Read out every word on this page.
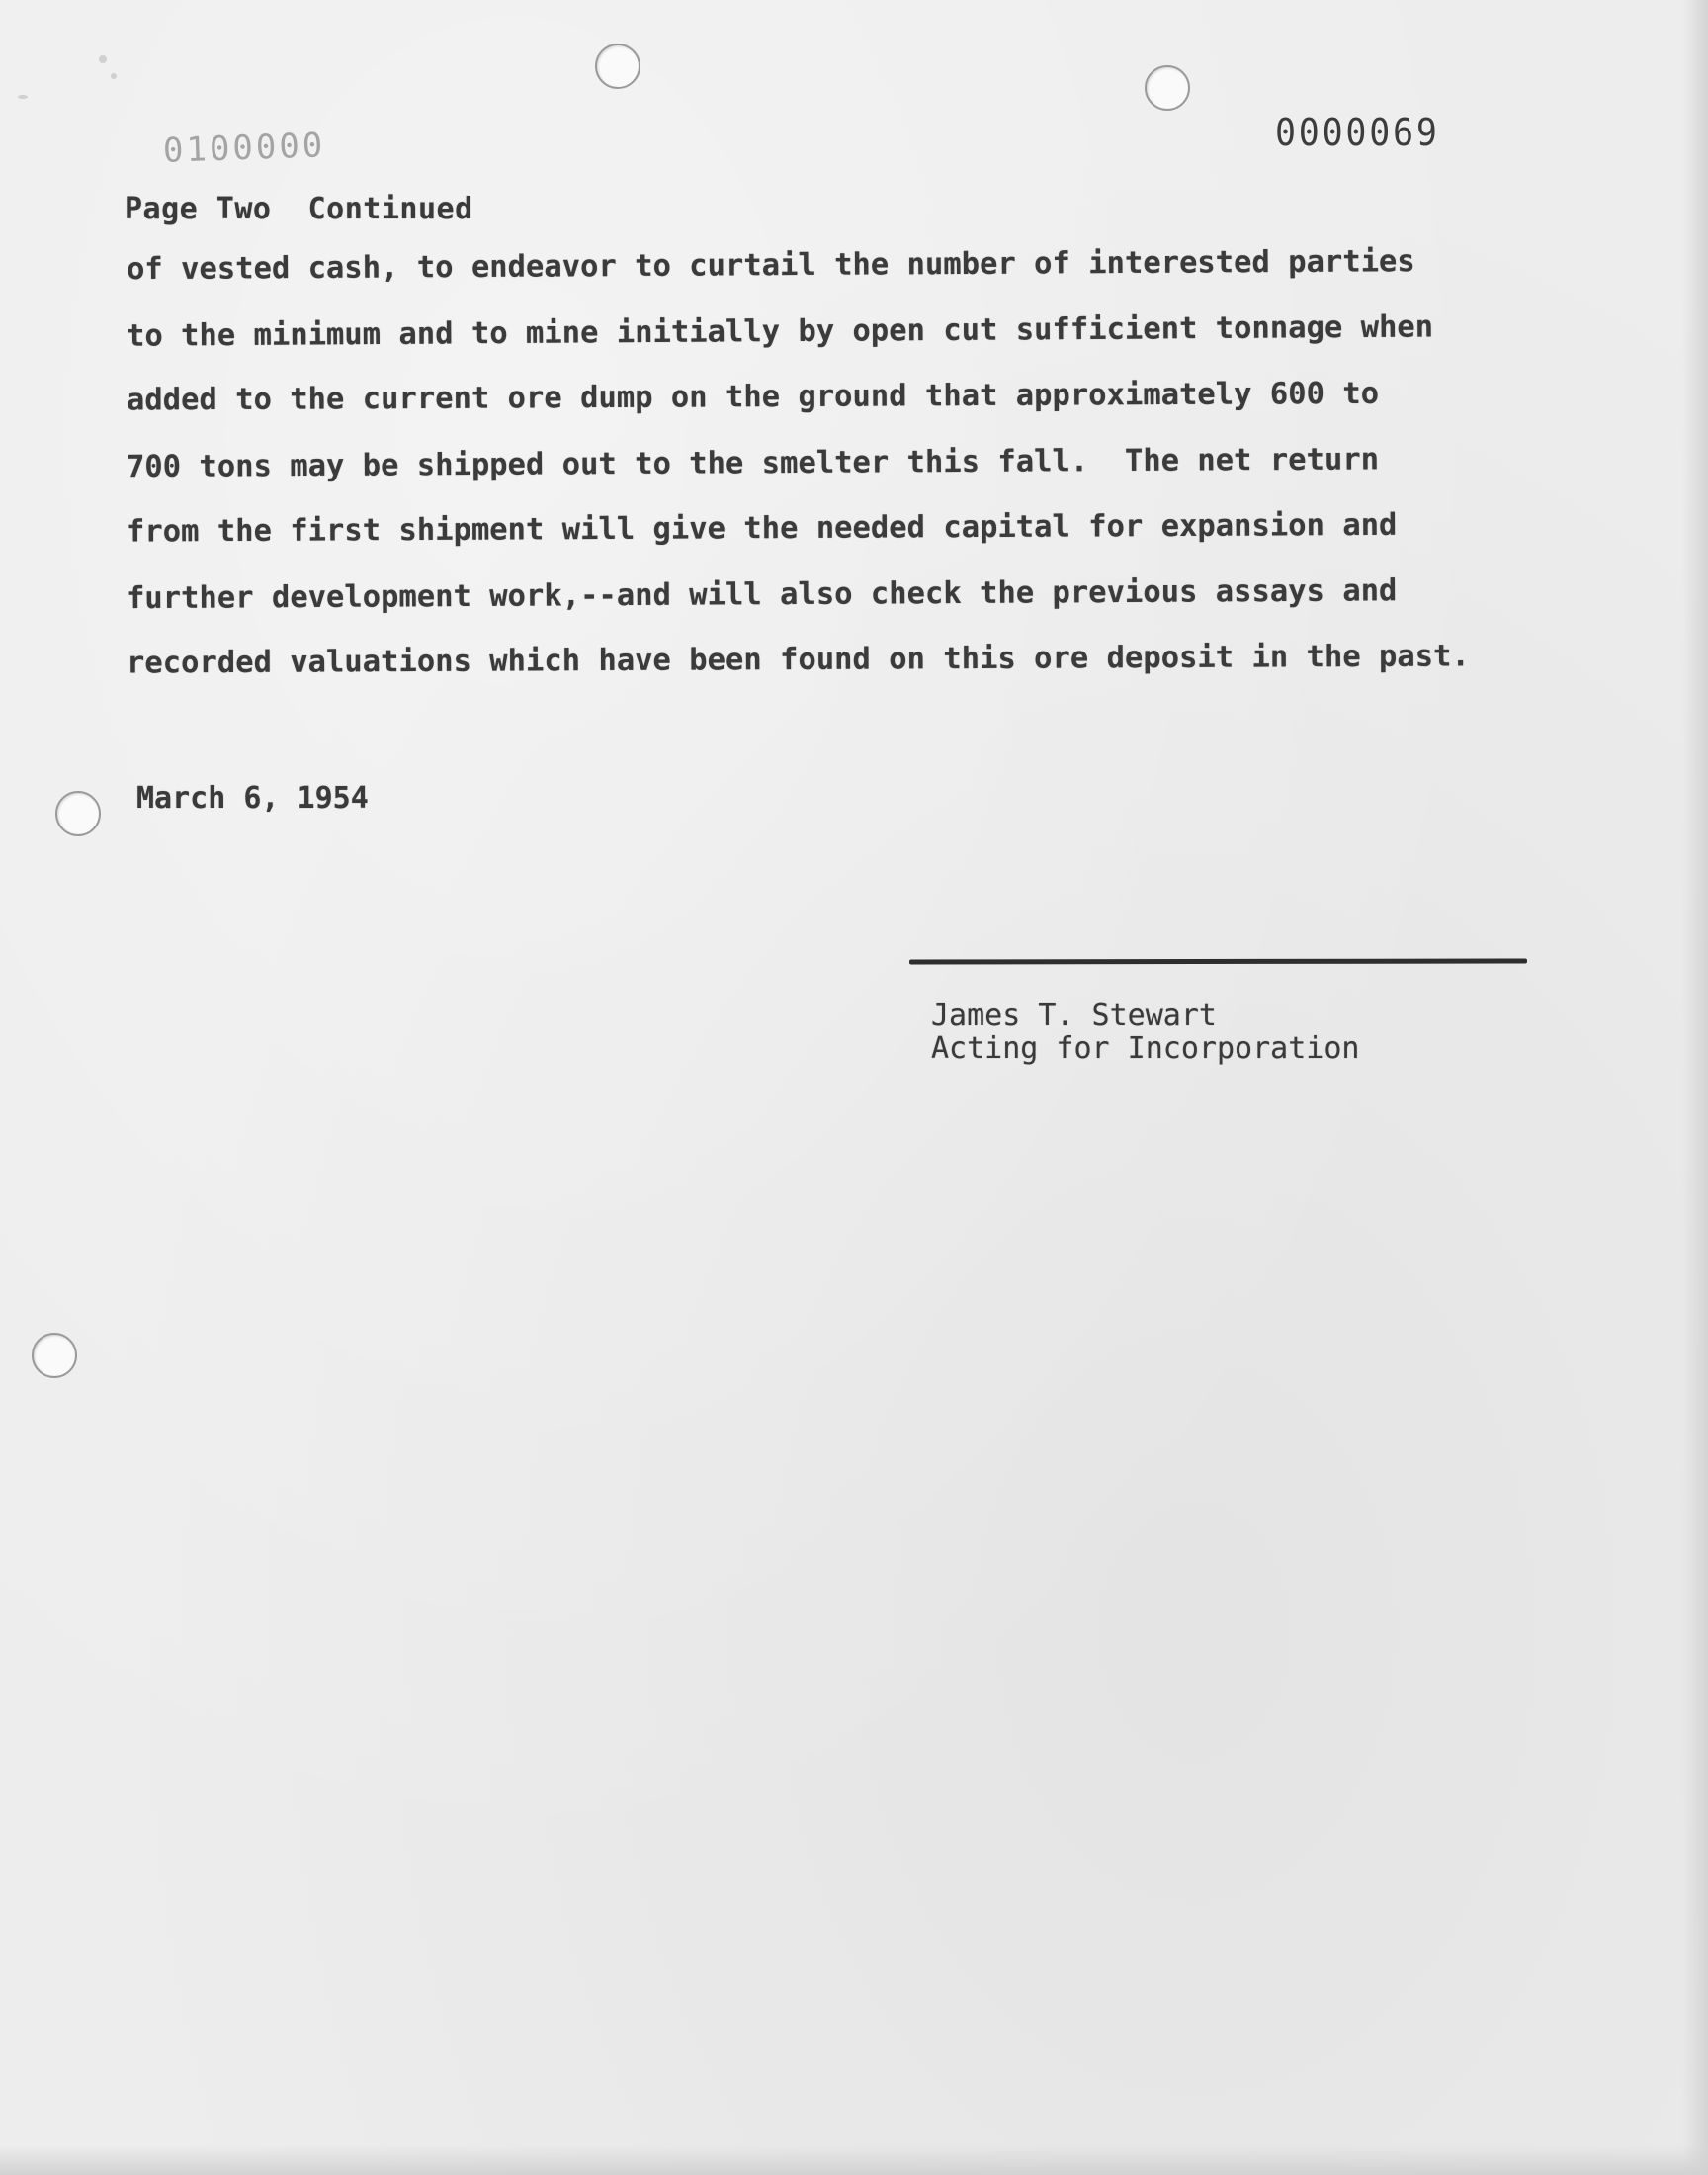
0100000	0000069
Page Two  Continued
of vested cash, to endeavor to curtail the number of interested parties
to the minimum and to mine initially by open cut sufficient tonnage when
added to the current ore dump on the ground that approximately 600 to
700 tons may be shipped out to the smelter this fall.  The net return
from the first shipment will give the needed capital for expansion and
further development work,--and will also check the previous assays and
recorded valuations which have been found on this ore deposit in the past.
March 6, 1954
James T. Stewart
Acting for Incorporation
